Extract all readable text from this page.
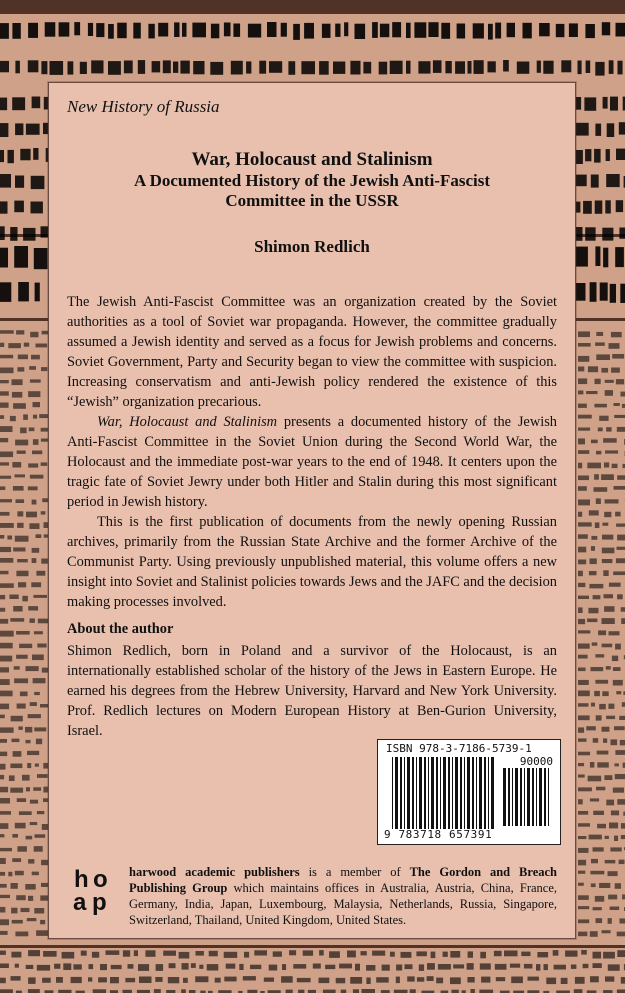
New History of Russia
War, Holocaust and Stalinism
A Documented History of the Jewish Anti-Fascist
Committee in the USSR
Shimon Redlich

The Jewish Anti-Fascist Committee was an organization created by the Soviet authorities as a tool of Soviet war propaganda. However, the committee gradually assumed a Jewish identity and served as a focus for Jewish problems and concerns. Soviet Government, Party and Security began to view the committee with suspicion. Increasing conservatism and anti-Jewish policy rendered the existence of this “Jewish” organization precarious.

War, Holocaust and Stalinism presents a documented history of the Jewish Anti-Fascist Committee in the Soviet Union during the Second World War, the Holocaust and the immediate post-war years to the end of 1948. It centers upon the tragic fate of Soviet Jewry under both Hitler and Stalin during this most significant period in Jewish history.

This is the first publication of documents from the newly opening Russian archives, primarily from the Russian State Archive and the former Archive of the Communist Party. Using previously unpublished material, this volume offers a new insight into Soviet and Stalinist policies towards Jews and the JAFC and the decision making processes involved.

About the author

Shimon Redlich, born in Poland and a survivor of the Holocaust, is an internationally established scholar of the history of the Jews in Eastern Europe. He earned his degrees from the Hebrew University, Harvard and New York University. Prof. Redlich lectures on Modern European History at Ben-Gurion University, Israel.

ISBN 978-3-7186-5739-1
90000
9 783718 657391
h o
a p

harwood academic publishers is a member of The Gordon and Breach Publishing Group which maintains offices in Australia, Austria, China, France, Germany, India, Japan, Luxembourg, Malaysia, Netherlands, Russia, Singapore, Switzerland, Thailand, United Kingdom, United States.
